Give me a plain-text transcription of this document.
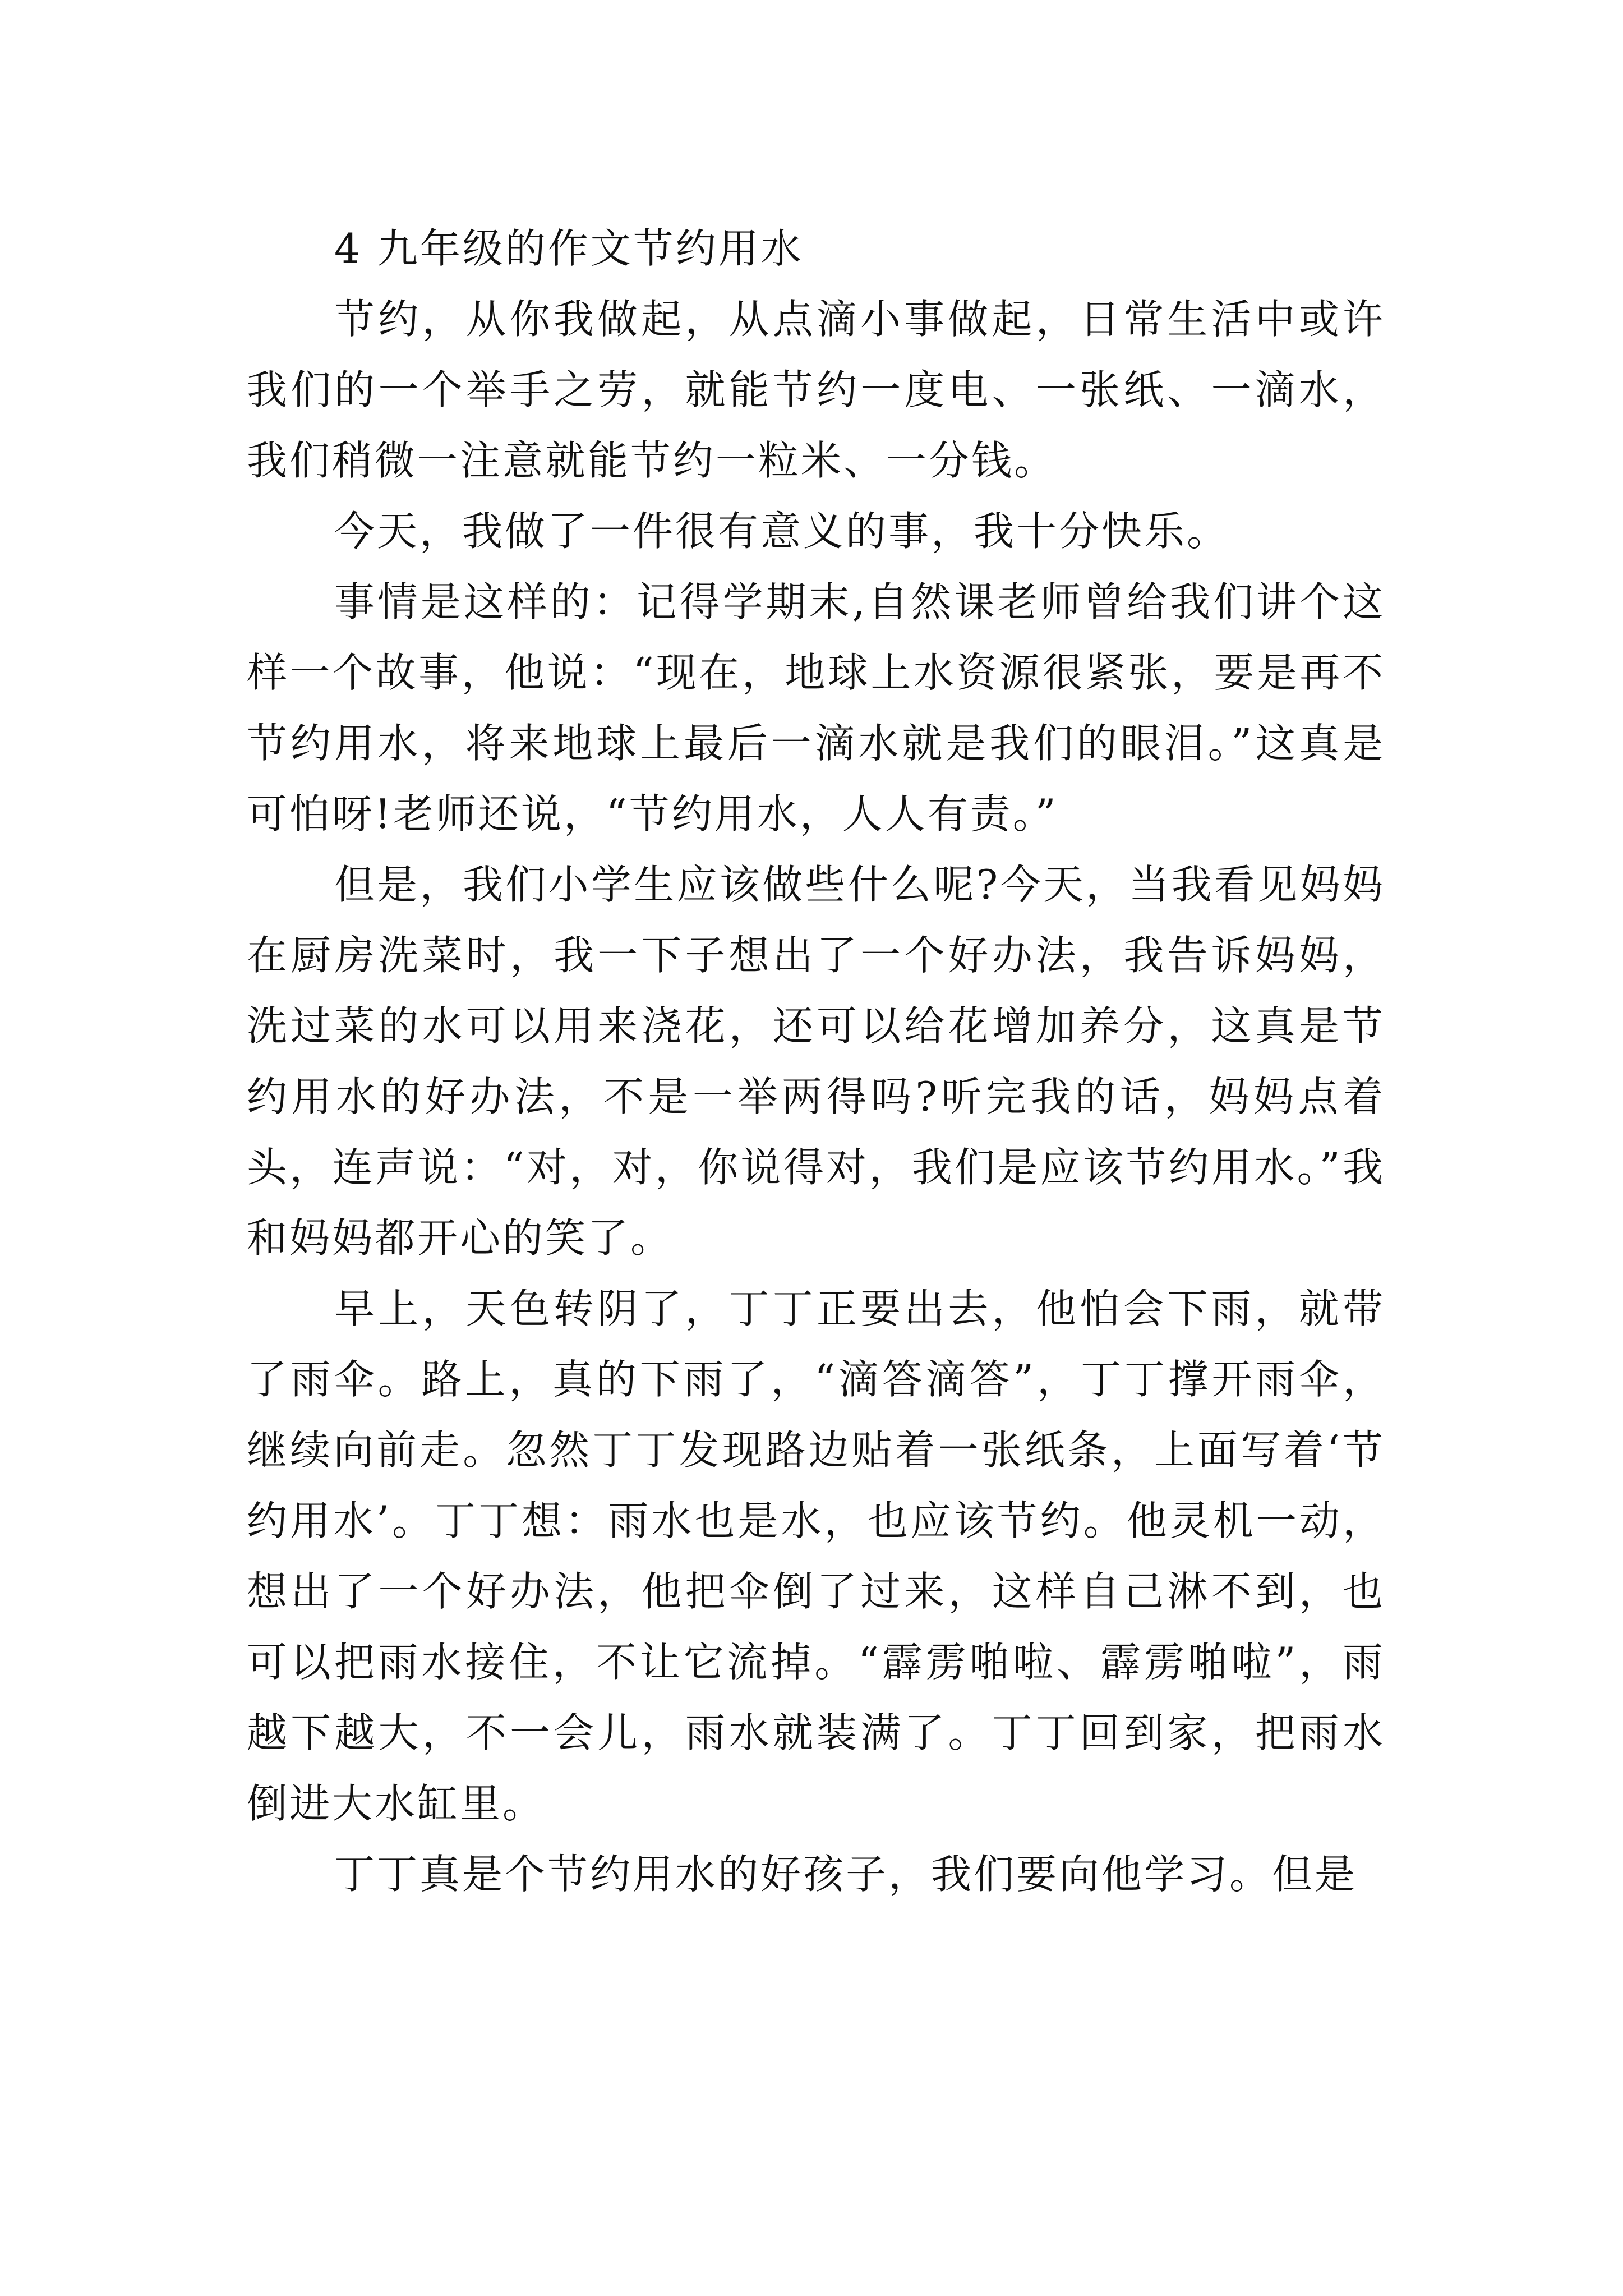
4 九年级的作文节约用水

节约，从你我做起，从点滴小事做起，日常生活中或许我们的一个举手之劳，就能节约一度电、一张纸、一滴水，我们稍微一注意就能节约一粒米、一分钱。

今天，我做了一件很有意义的事，我十分快乐。

事情是这样的：记得学期末,自然课老师曾给我们讲个这样一个故事，他说：“现在，地球上水资源很紧张，要是再不节约用水，将来地球上最后一滴水就是我们的眼泪。”这真是可怕呀!老师还说，“节约用水，人人有责。”

但是，我们小学生应该做些什么呢?今天，当我看见妈妈在厨房洗菜时，我一下子想出了一个好办法，我告诉妈妈，洗过菜的水可以用来浇花，还可以给花增加养分，这真是节约用水的好办法，不是一举两得吗?听完我的话，妈妈点着头，连声说：“对，对，你说得对，我们是应该节约用水。”我和妈妈都开心的笑了。

早上，天色转阴了，丁丁正要出去，他怕会下雨，就带了雨伞。路上，真的下雨了，“滴答滴答”，丁丁撑开雨伞，继续向前走。忽然丁丁发现路边贴着一张纸条，上面写着‘节约用水’。丁丁想：雨水也是水，也应该节约。他灵机一动，想出了一个好办法，他把伞倒了过来，这样自己淋不到，也可以把雨水接住，不让它流掉。“霹雳啪啦、霹雳啪啦”，雨越下越大，不一会儿，雨水就装满了。丁丁回到家，把雨水倒进大水缸里。

丁丁真是个节约用水的好孩子，我们要向他学习。但是
